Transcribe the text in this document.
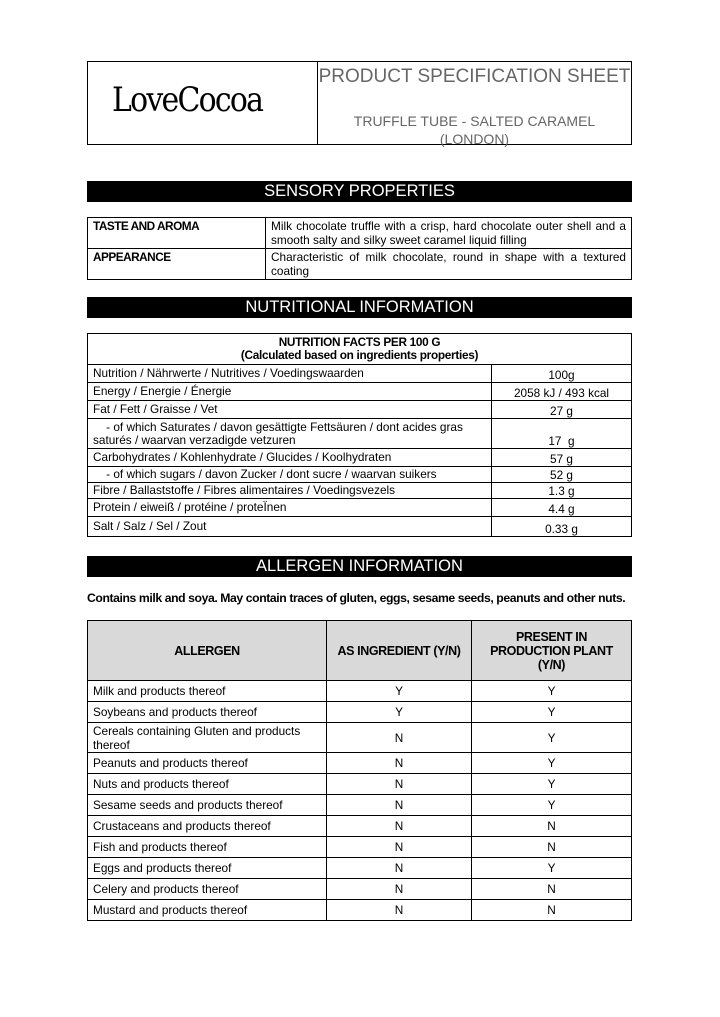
LoveCocoa
PRODUCT SPECIFICATION SHEET
TRUFFLE TUBE - SALTED CARAMEL (LONDON)
SENSORY PROPERTIES
TASTE AND AROMA	Milk chocolate truffle with a crisp, hard chocolate outer shell and a smooth salty and silky sweet caramel liquid filling
APPEARANCE	Characteristic of milk chocolate, round in shape with a textured coating
NUTRITIONAL INFORMATION
NUTRITION FACTS PER 100 G
(Calculated based on ingredients properties)	

Nutrition / Nährwerte / Nutritives / Voedingswaarden	100g
Energy / Energie / Énergie	2058 kJ / 493 kcal
Fat / Fett / Graisse / Vet	27 g
- of which Saturates / davon gesättigte Fettsäuren / dont acides gras saturés / waarvan verzadigde vetzuren	17  g
Carbohydrates / Kohlenhydrate / Glucides / Koolhydraten	57 g
- of which sugars / davon Zucker / dont sucre / waarvan suikers	52 g
Fibre / Ballaststoffe / Fibres alimentaires / Voedingsvezels	1.3 g
Protein / eiweiß / protéine / proteÏnen	4.4 g
Salt / Salz / Sel / Zout	0.33 g
ALLERGEN INFORMATION
Contains milk and soya. May contain traces of gluten, eggs, sesame seeds, peanuts and other nuts.
ALLERGEN	AS INGREDIENT (Y/N)	PRESENT IN PRODUCTION PLANT (Y/N)
Milk and products thereof	Y	Y
Soybeans and products thereof	Y	Y
Cereals containing Gluten and products thereof	N	Y
Peanuts and products thereof	N	Y
Nuts and products thereof	N	Y
Sesame seeds and products thereof	N	Y
Crustaceans and products thereof	N	N
Fish and products thereof	N	N
Eggs and products thereof	N	Y
Celery and products thereof	N	N
Mustard and products thereof	N	N
